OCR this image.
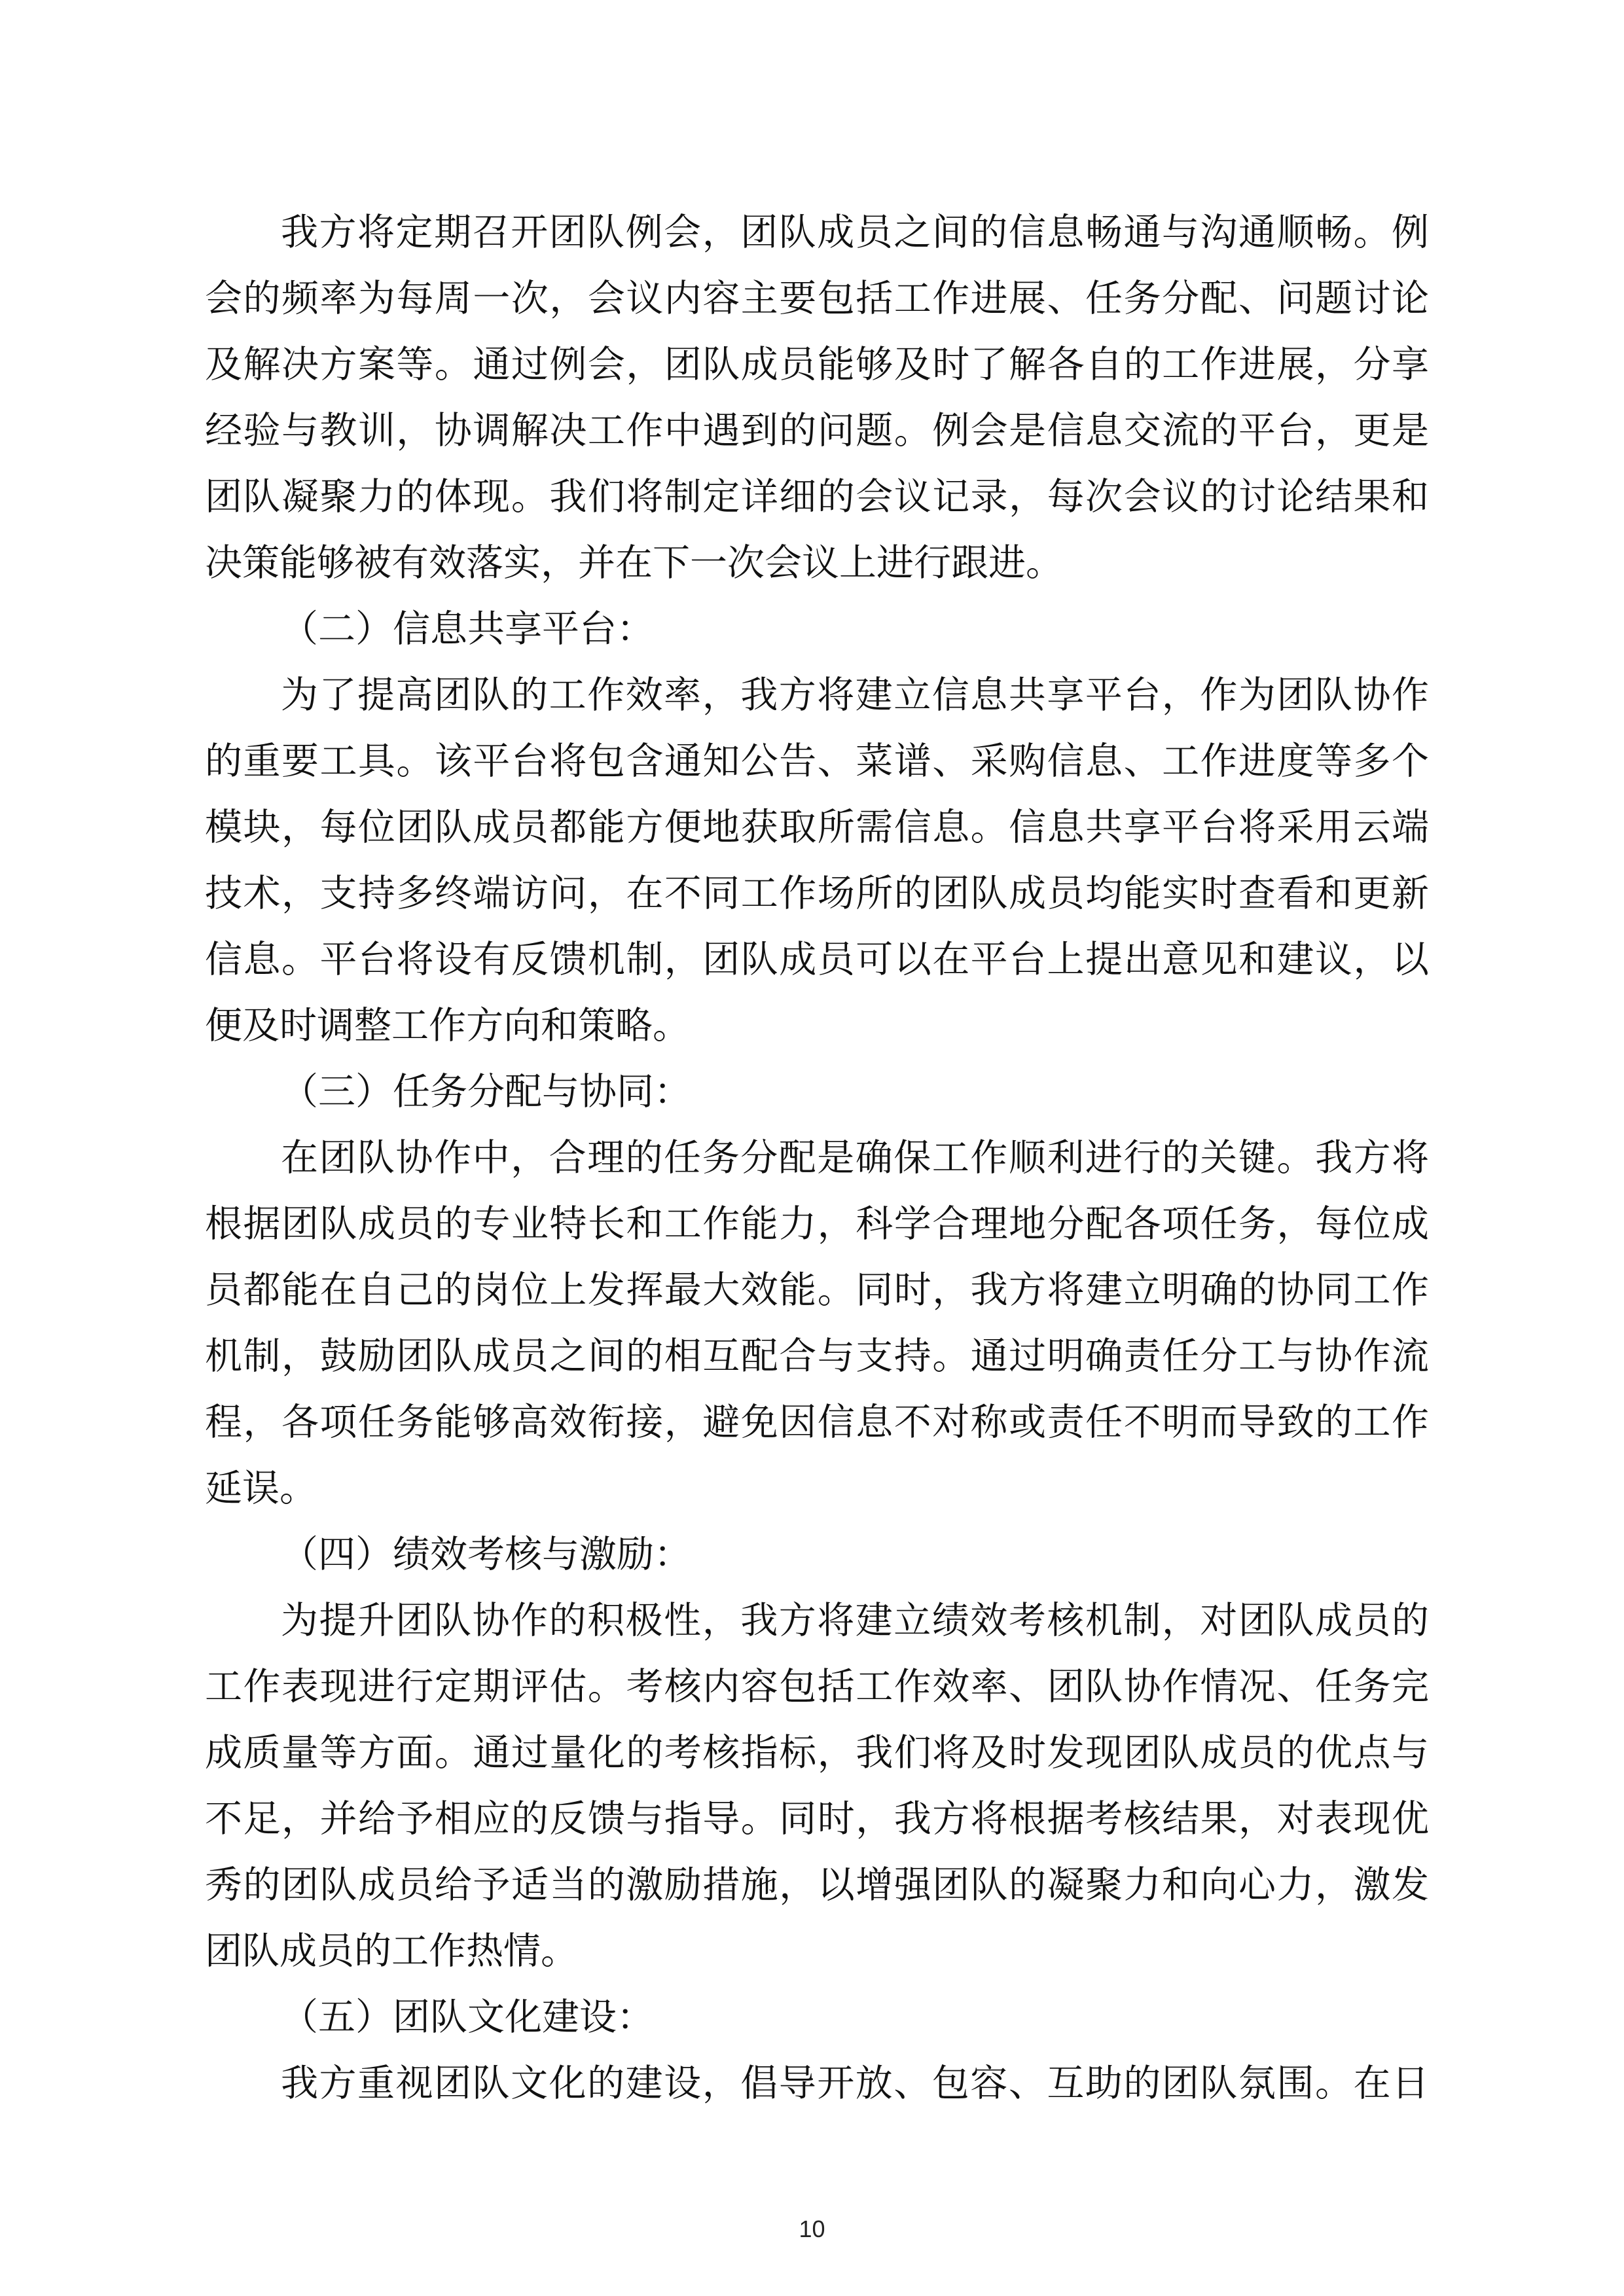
我方将定期召开团队例会，团队成员之间的信息畅通与沟通顺畅。例
会的频率为每周一次，会议内容主要包括工作进展、任务分配、问题讨论
及解决方案等。通过例会，团队成员能够及时了解各自的工作进展，分享
经验与教训，协调解决工作中遇到的问题。例会是信息交流的平台，更是
团队凝聚力的体现。我们将制定详细的会议记录，每次会议的讨论结果和
决策能够被有效落实，并在下一次会议上进行跟进。
（二）信息共享平台：
为了提高团队的工作效率，我方将建立信息共享平台，作为团队协作
的重要工具。该平台将包含通知公告、菜谱、采购信息、工作进度等多个
模块，每位团队成员都能方便地获取所需信息。信息共享平台将采用云端
技术，支持多终端访问，在不同工作场所的团队成员均能实时查看和更新
信息。平台将设有反馈机制，团队成员可以在平台上提出意见和建议，以
便及时调整工作方向和策略。
（三）任务分配与协同：
在团队协作中，合理的任务分配是确保工作顺利进行的关键。我方将
根据团队成员的专业特长和工作能力，科学合理地分配各项任务，每位成
员都能在自己的岗位上发挥最大效能。同时，我方将建立明确的协同工作
机制，鼓励团队成员之间的相互配合与支持。通过明确责任分工与协作流
程，各项任务能够高效衔接，避免因信息不对称或责任不明而导致的工作
延误。
（四）绩效考核与激励：
为提升团队协作的积极性，我方将建立绩效考核机制，对团队成员的
工作表现进行定期评估。考核内容包括工作效率、团队协作情况、任务完
成质量等方面。通过量化的考核指标，我们将及时发现团队成员的优点与
不足，并给予相应的反馈与指导。同时，我方将根据考核结果，对表现优
秀的团队成员给予适当的激励措施，以增强团队的凝聚力和向心力，激发
团队成员的工作热情。
（五）团队文化建设：
我方重视团队文化的建设，倡导开放、包容、互助的团队氛围。在日
10
